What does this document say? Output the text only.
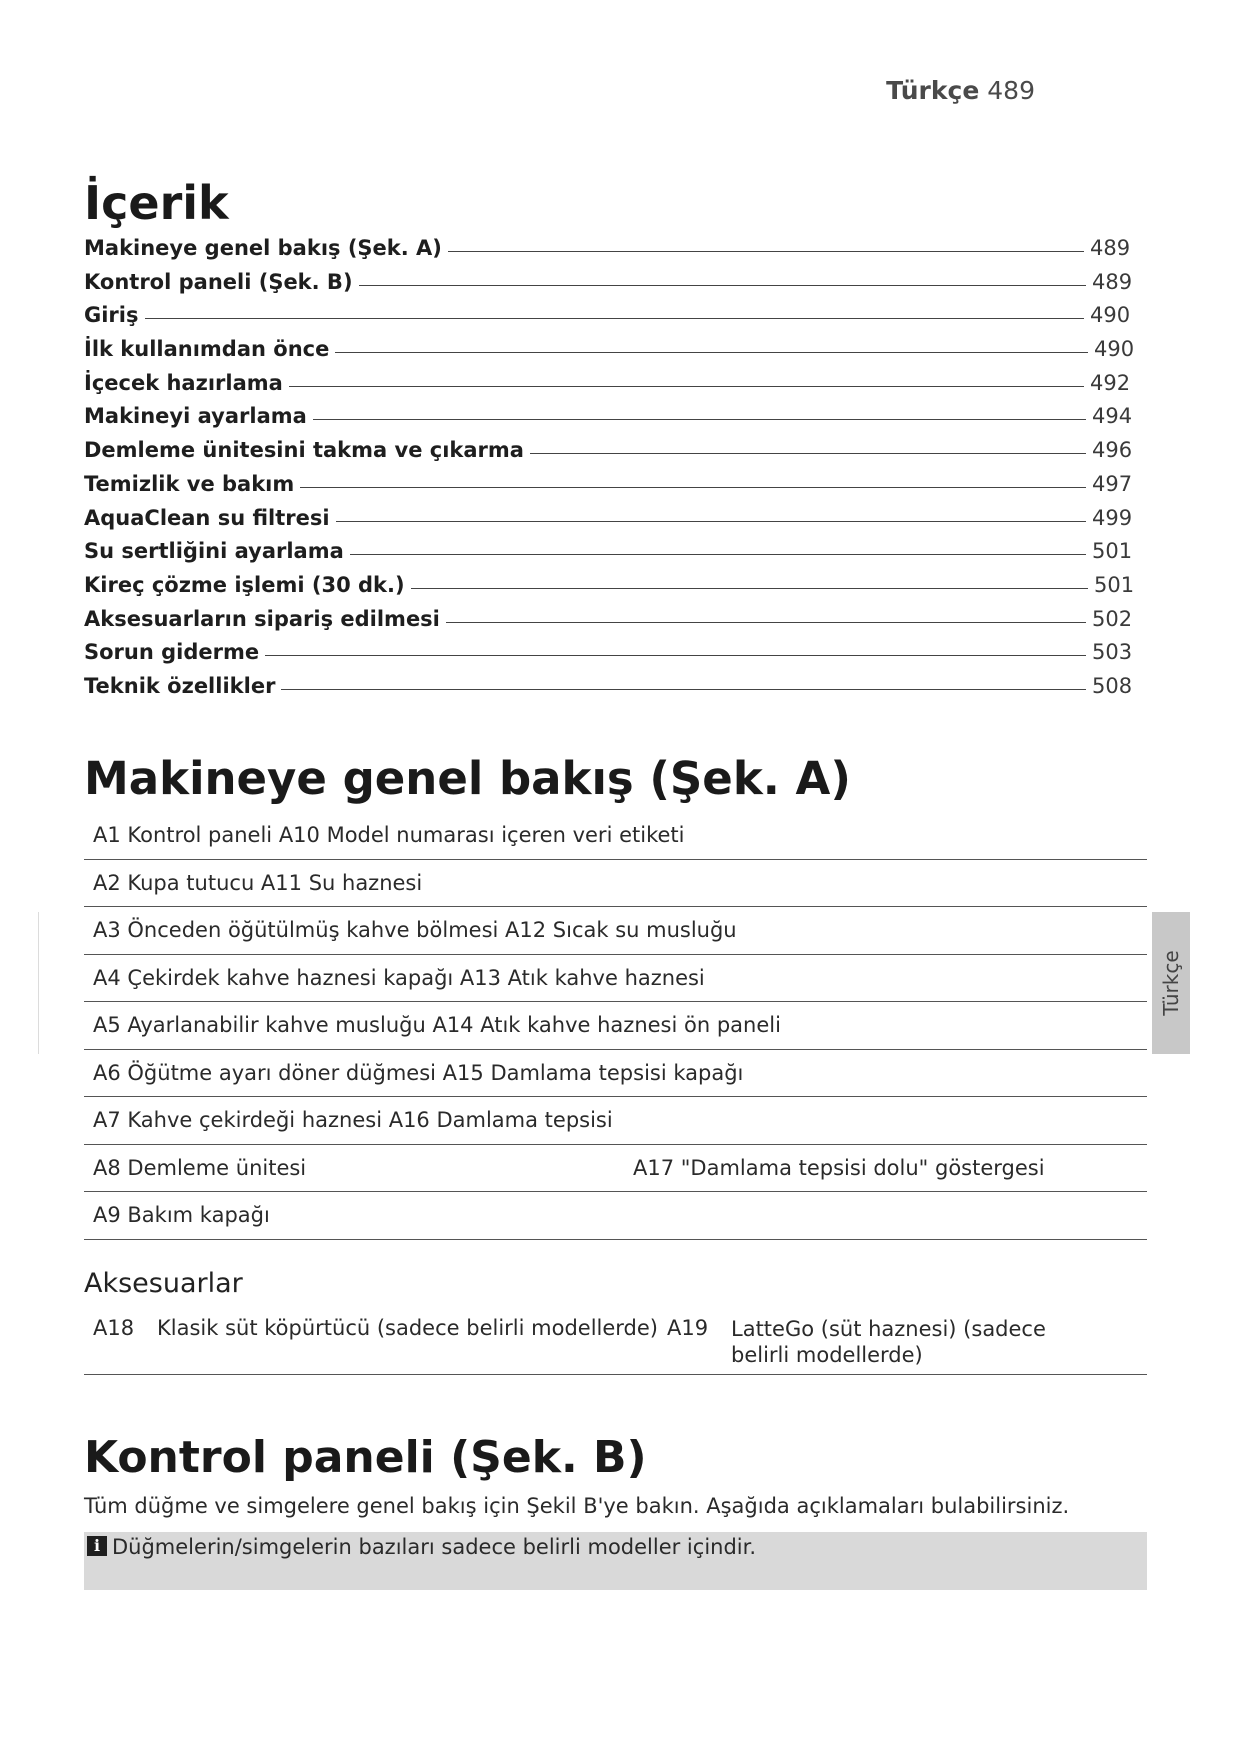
Türkçe 489
İçerik
Makineye genel bakış (Şek. A)	489
Kontrol paneli (Şek. B)	489
Giriş	490
İlk kullanımdan önce	490
İçecek hazırlama	492
Makineyi ayarlama	494
Demleme ünitesini takma ve çıkarma	496
Temizlik ve bakım	497
AquaClean su filtresi	499
Su sertliğini ayarlama	501
Kireç çözme işlemi (30 dk.)	501
Aksesuarların sipariş edilmesi	502
Sorun giderme	503
Teknik özellikler	508
Makineye genel bakış (Şek. A)
A1 Kontrol paneli A10 Model numarası içeren veri etiketi
A2 Kupa tutucu A11 Su haznesi
A3 Önceden öğütülmüş kahve bölmesi A12 Sıcak su musluğu
A4 Çekirdek kahve haznesi kapağı A13 Atık kahve haznesi
A5 Ayarlanabilir kahve musluğu A14 Atık kahve haznesi ön paneli
A6 Öğütme ayarı döner düğmesi A15 Damlama tepsisi kapağı
A7 Kahve çekirdeği haznesi A16 Damlama tepsisi
A8 Demleme ünitesi	A17 "Damlama tepsisi dolu" göstergesi
A9 Bakım kapağı
Aksesuarlar
A18	Klasik süt köpürtücü (sadece belirli modellerde) A19	LatteGo (süt haznesi) (sadece belirli modellerde)
Kontrol paneli (Şek. B)

Tüm düğme ve simgelere genel bakış için Şekil B'ye bakın. Aşağıda açıklamaları bulabilirsiniz.

i Düğmelerin/simgelerin bazıları sadece belirli modeller içindir.
Türkçe
